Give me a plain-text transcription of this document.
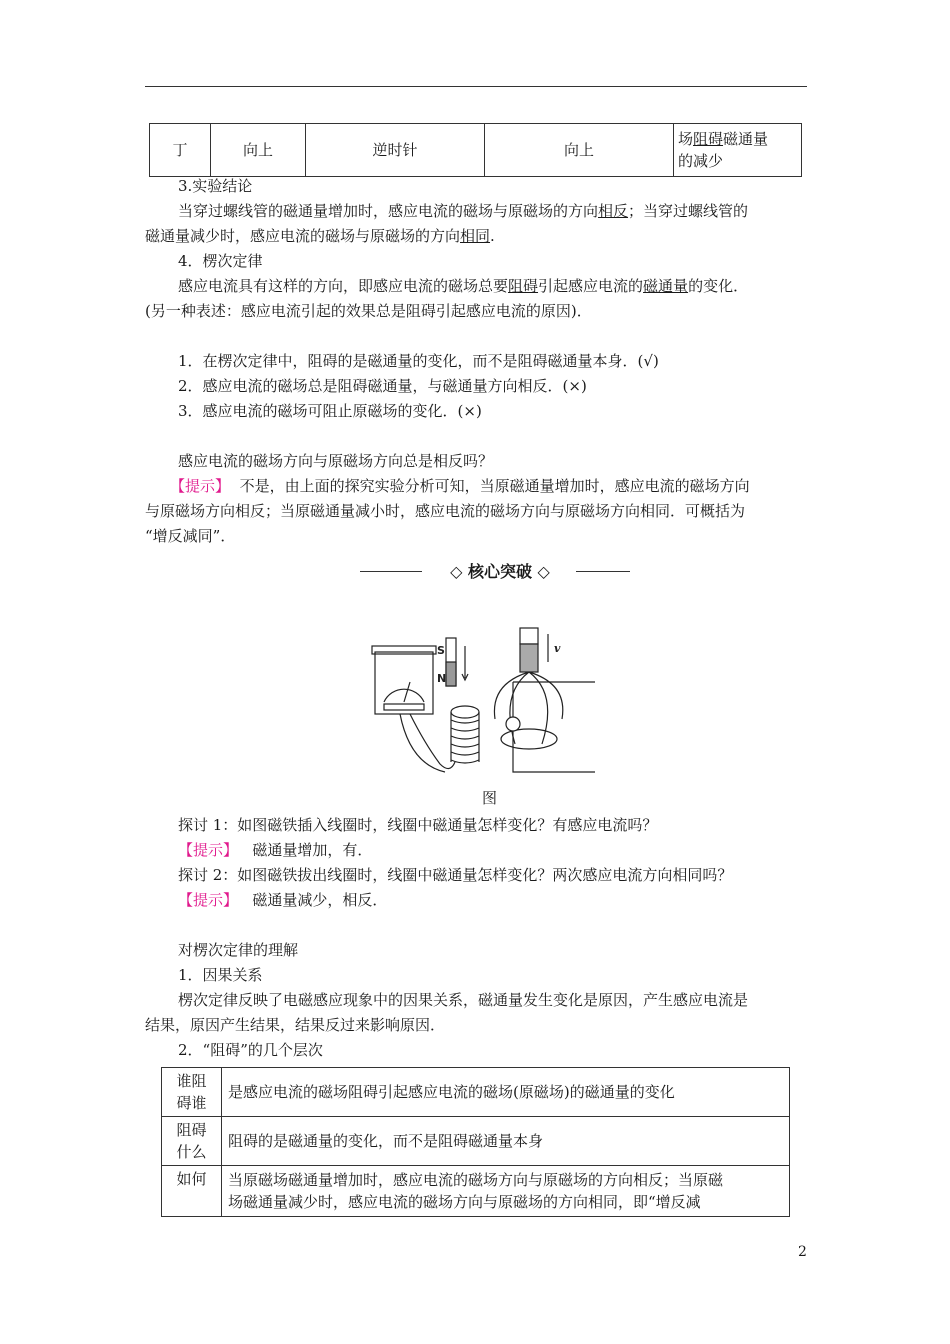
丁	向上	逆时针	向上	场阻碍磁通量
的减少
3.实验结论
当穿过螺线管的磁通量增加时，感应电流的磁场与原磁场的方向相反；当穿过螺线管的
磁通量减少时，感应电流的磁场与原磁场的方向相同.
4．楞次定律
感应电流具有这样的方向，即感应电流的磁场总要阻碍引起感应电流的磁通量的变化．
(另一种表述：感应电流引起的效果总是阻碍引起感应电流的原因)．
1．在楞次定律中，阻碍的是磁通量的变化，而不是阻碍磁通量本身．(√)
2．感应电流的磁场总是阻碍磁通量，与磁通量方向相反．(×)
3．感应电流的磁场可阻止原磁场的变化．(×)
感应电流的磁场方向与原磁场方向总是相反吗？
【提示】 不是，由上面的探究实验分析可知，当原磁通量增加时，感应电流的磁场方向
与原磁场方向相反；当原磁通量减小时，感应电流的磁场方向与原磁场方向相同．可概括为
“增反减同”．
◇ 核心突破 ◇
S
N
v
图
探讨 1：如图磁铁插入线圈时，线圈中磁通量怎样变化？有感应电流吗？
【提示】 磁通量增加，有．
探讨 2：如图磁铁拔出线圈时，线圈中磁通量怎样变化？两次感应电流方向相同吗？
【提示】 磁通量减少，相反．
对楞次定律的理解
1．因果关系
楞次定律反映了电磁感应现象中的因果关系，磁通量发生变化是原因，产生感应电流是
结果，原因产生结果，结果反过来影响原因．
2．“阻碍”的几个层次
谁阻
碍谁	是感应电流的磁场阻碍引起感应电流的磁场(原磁场)的磁通量的变化
阻碍
什么	阻碍的是磁通量的变化，而不是阻碍磁通量本身
如何	当原磁场磁通量增加时，感应电流的磁场方向与原磁场的方向相反；当原磁
场磁通量减少时，感应电流的磁场方向与原磁场的方向相同，即“增反减
2
